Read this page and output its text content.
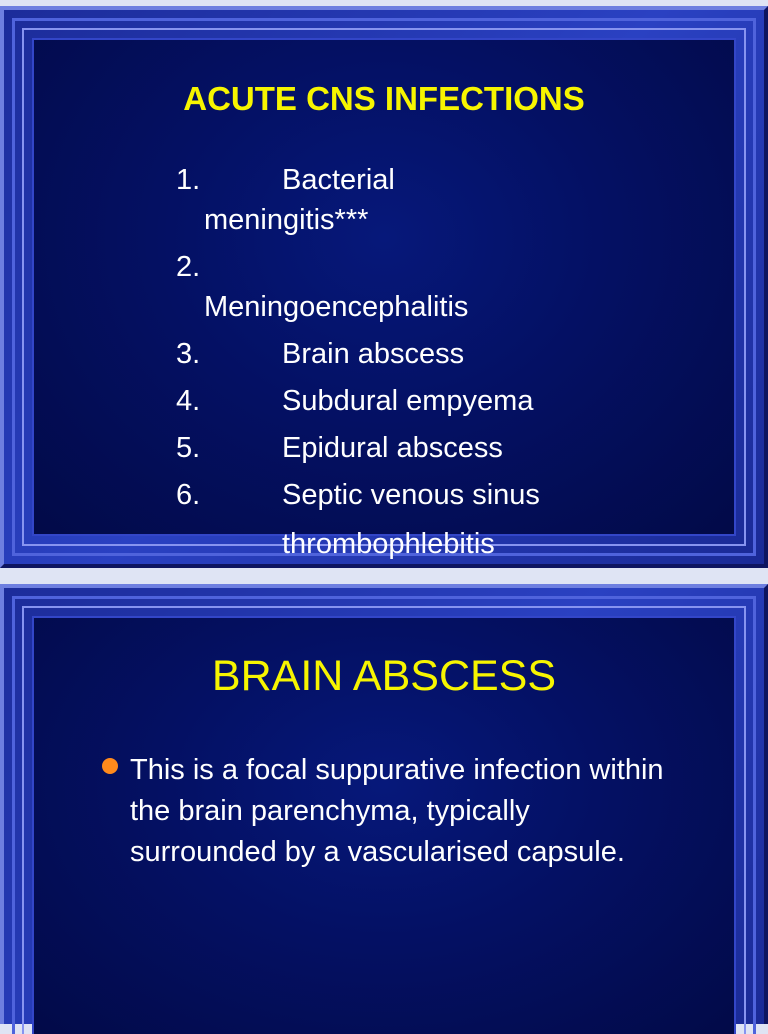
ACUTE CNS INFECTIONS
1.	Bacterial
meningitis***
2.
Meningoencephalitis
3.	Brain abscess
4.	Subdural empyema
5.	Epidural abscess
6.	Septic venous sinus
thrombophlebitis
BRAIN ABSCESS
This is a focal suppurative infection within the brain parenchyma, typically surrounded by a vascularised capsule.
